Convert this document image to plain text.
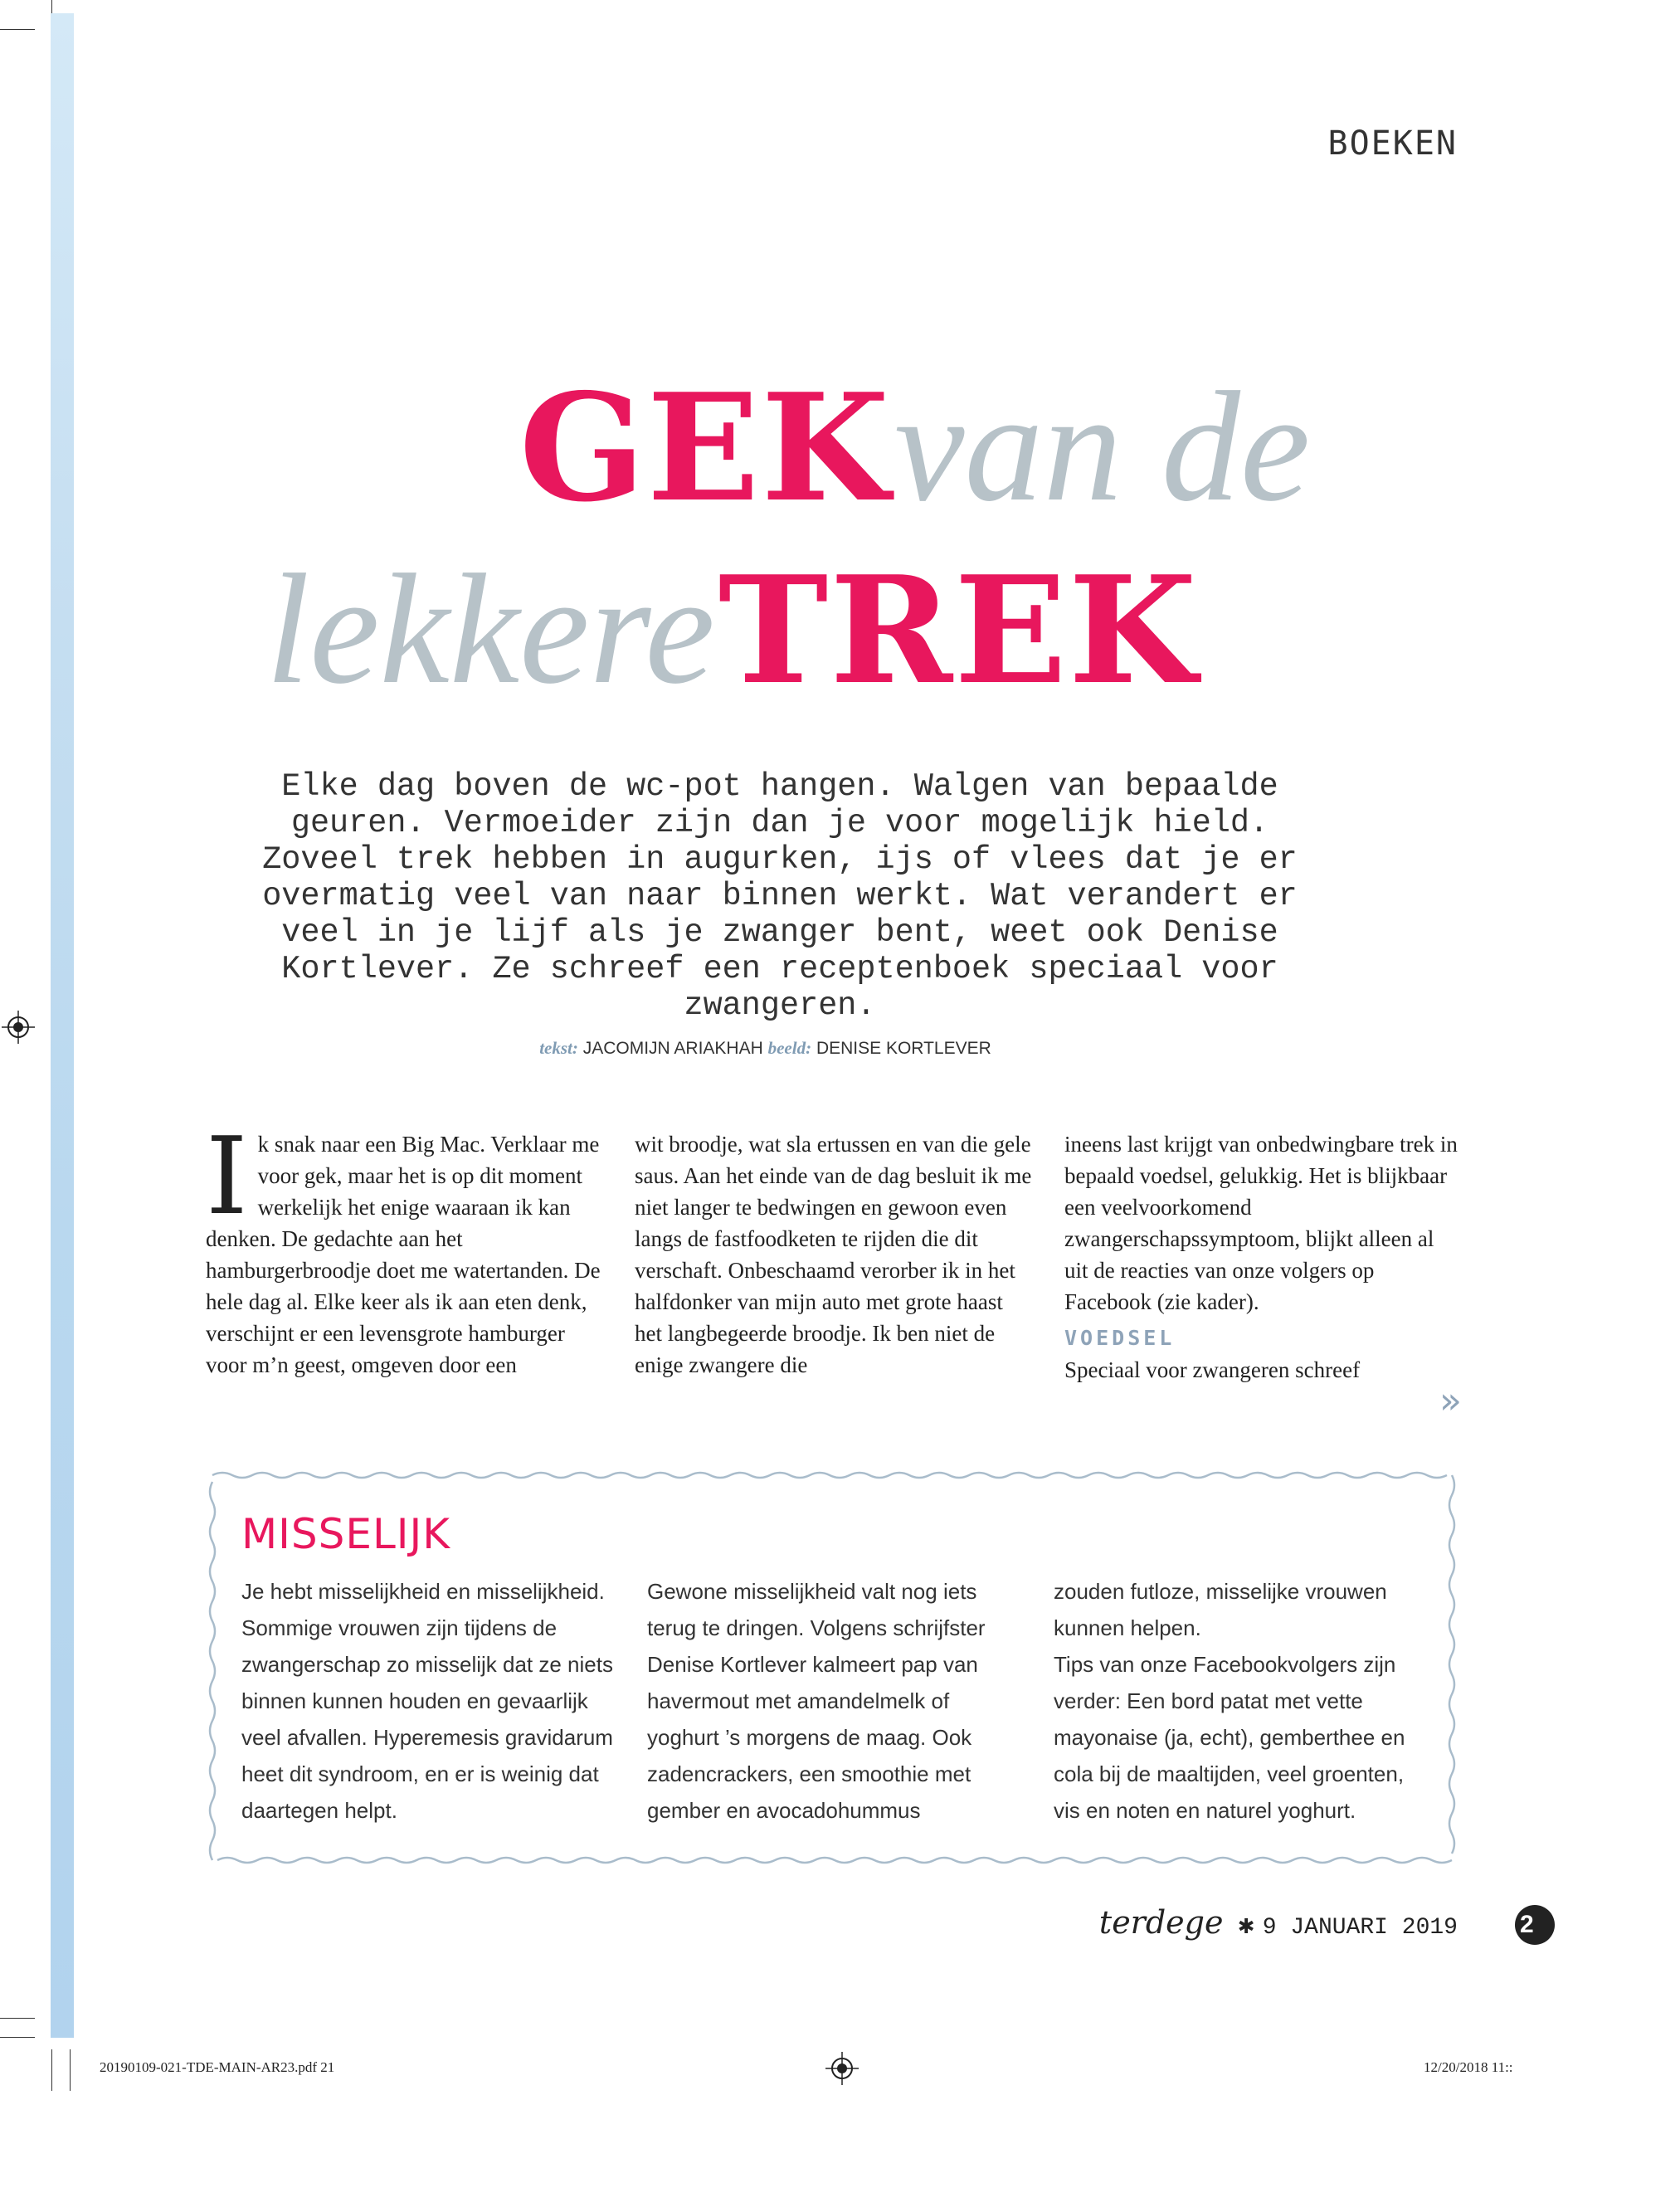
BOEKEN
GEK van de
lekkere TREK
Elke dag boven de wc-pot hangen. Walgen van bepaalde geuren. Vermoeider zijn dan je voor mogelijk hield. Zoveel trek hebben in augurken, ijs of vlees dat je er overmatig veel van naar binnen werkt. Wat verandert er veel in je lijf als je zwanger bent, weet ook Denise Kortlever. Ze schreef een receptenboek speciaal voor zwangeren.
tekst: JACOMIJN ARIAKHAH beeld: DENISE KORTLEVER
I k snak naar een Big Mac. Verklaar me voor gek, maar het is op dit moment werkelijk het enige waaraan ik kan denken. De gedachte aan het hamburgerbroodje doet me watertanden. De hele dag al. Elke keer als ik aan eten denk, verschijnt er een levensgrote hamburger voor m’n geest, omgeven door een

wit broodje, wat sla ertussen en van die gele saus. Aan het einde van de dag besluit ik me niet langer te bedwingen en gewoon even langs de fastfoodketen te rijden die dit verschaft. Onbeschaamd verorber ik in het halfdonker van mijn auto met grote haast het langbegeerde broodje. Ik ben niet de enige zwangere die

ineens last krijgt van onbedwingbare trek in bepaald voedsel, gelukkig. Het is blijkbaar een veelvoorkomend zwangerschapssymptoom, blijkt alleen al uit de reacties van onze volgers op Facebook (zie kader).

VOEDSEL

Speciaal voor zwangeren schreef

»
MISSELIJK

Je hebt misselijkheid en misselijkheid. Sommige vrouwen zijn tijdens de zwangerschap zo misselijk dat ze niets binnen kunnen houden en gevaarlijk veel afvallen. Hyperemesis gravidarum heet dit syndroom, en er is weinig dat daartegen helpt.

Gewone misselijkheid valt nog iets terug te dringen. Volgens schrijfster Denise Kortlever kalmeert pap van havermout met amandelmelk of yoghurt ’s morgens de maag. Ook zadencrackers, een smoothie met gember en avocadohummus

zouden futloze, misselijke vrouwen kunnen helpen.

Tips van onze Facebookvolgers zijn verder: Een bord patat met vette mayonaise (ja, echt), gemberthee en cola bij de maaltijden, veel groenten, vis en noten en naturel yoghurt.

terdege ✱ 9 JANUARI 2019	2
20190109-021-TDE-MAIN-AR23.pdf 21	12/20/2018 11::
